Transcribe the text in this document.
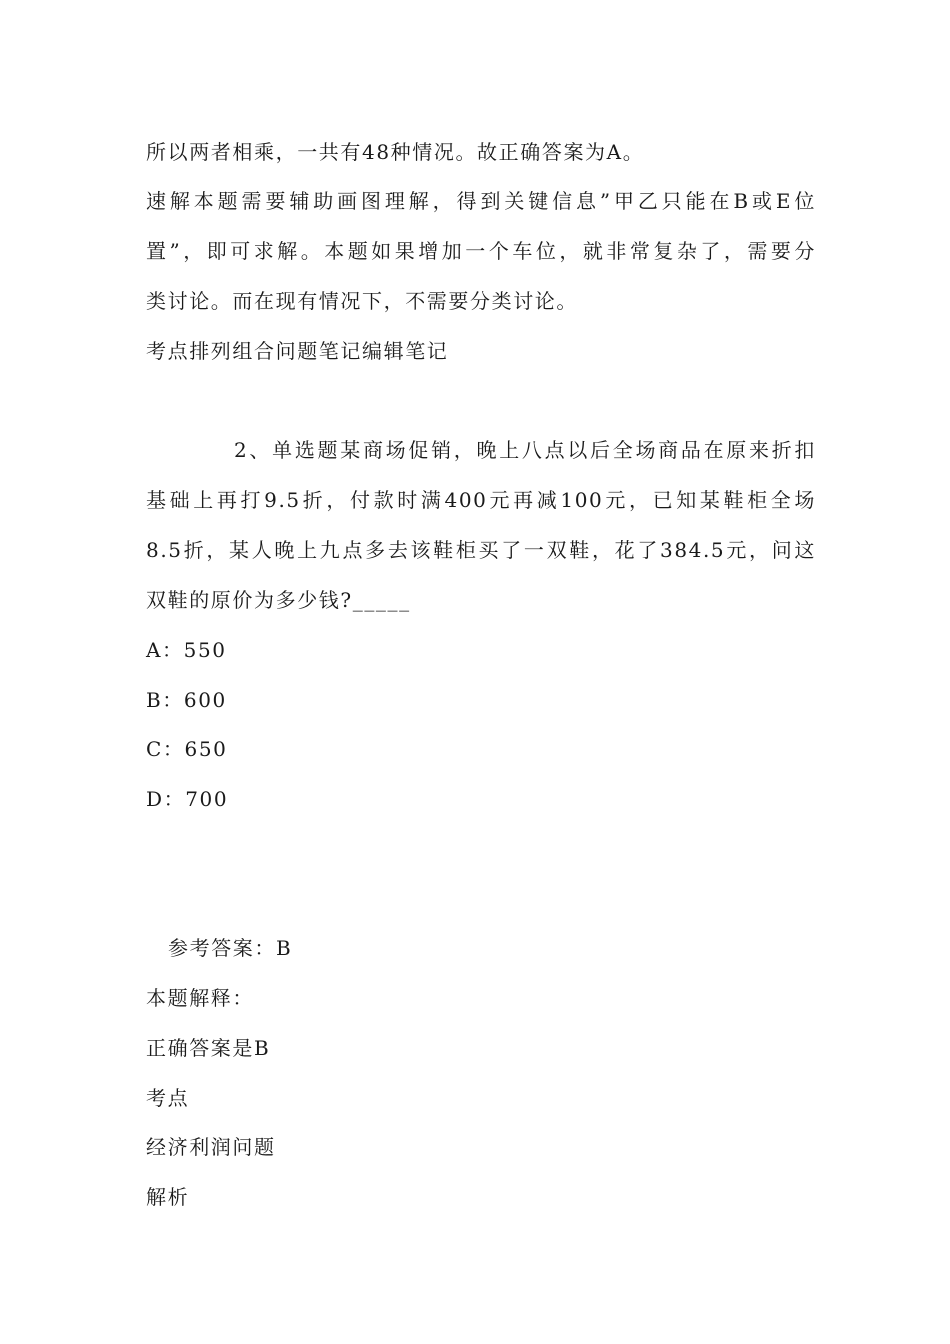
所以两者相乘，一共有48种情况。故正确答案为A。
速解本题需要辅助画图理解，得到关键信息”甲乙只能在B或E位
置”，即可求解。本题如果增加一个车位，就非常复杂了，需要分
类讨论。而在现有情况下，不需要分类讨论。
考点排列组合问题笔记编辑笔记
2、单选题某商场促销，晚上八点以后全场商品在原来折扣
基础上再打9.5折，付款时满400元再减100元，已知某鞋柜全场
8.5折，某人晚上九点多去该鞋柜买了一双鞋，花了384.5元，问这
双鞋的原价为多少钱?_____
A：550
B：600
C：650
D：700
参考答案：B
本题解释：
正确答案是B
考点
经济利润问题
解析
